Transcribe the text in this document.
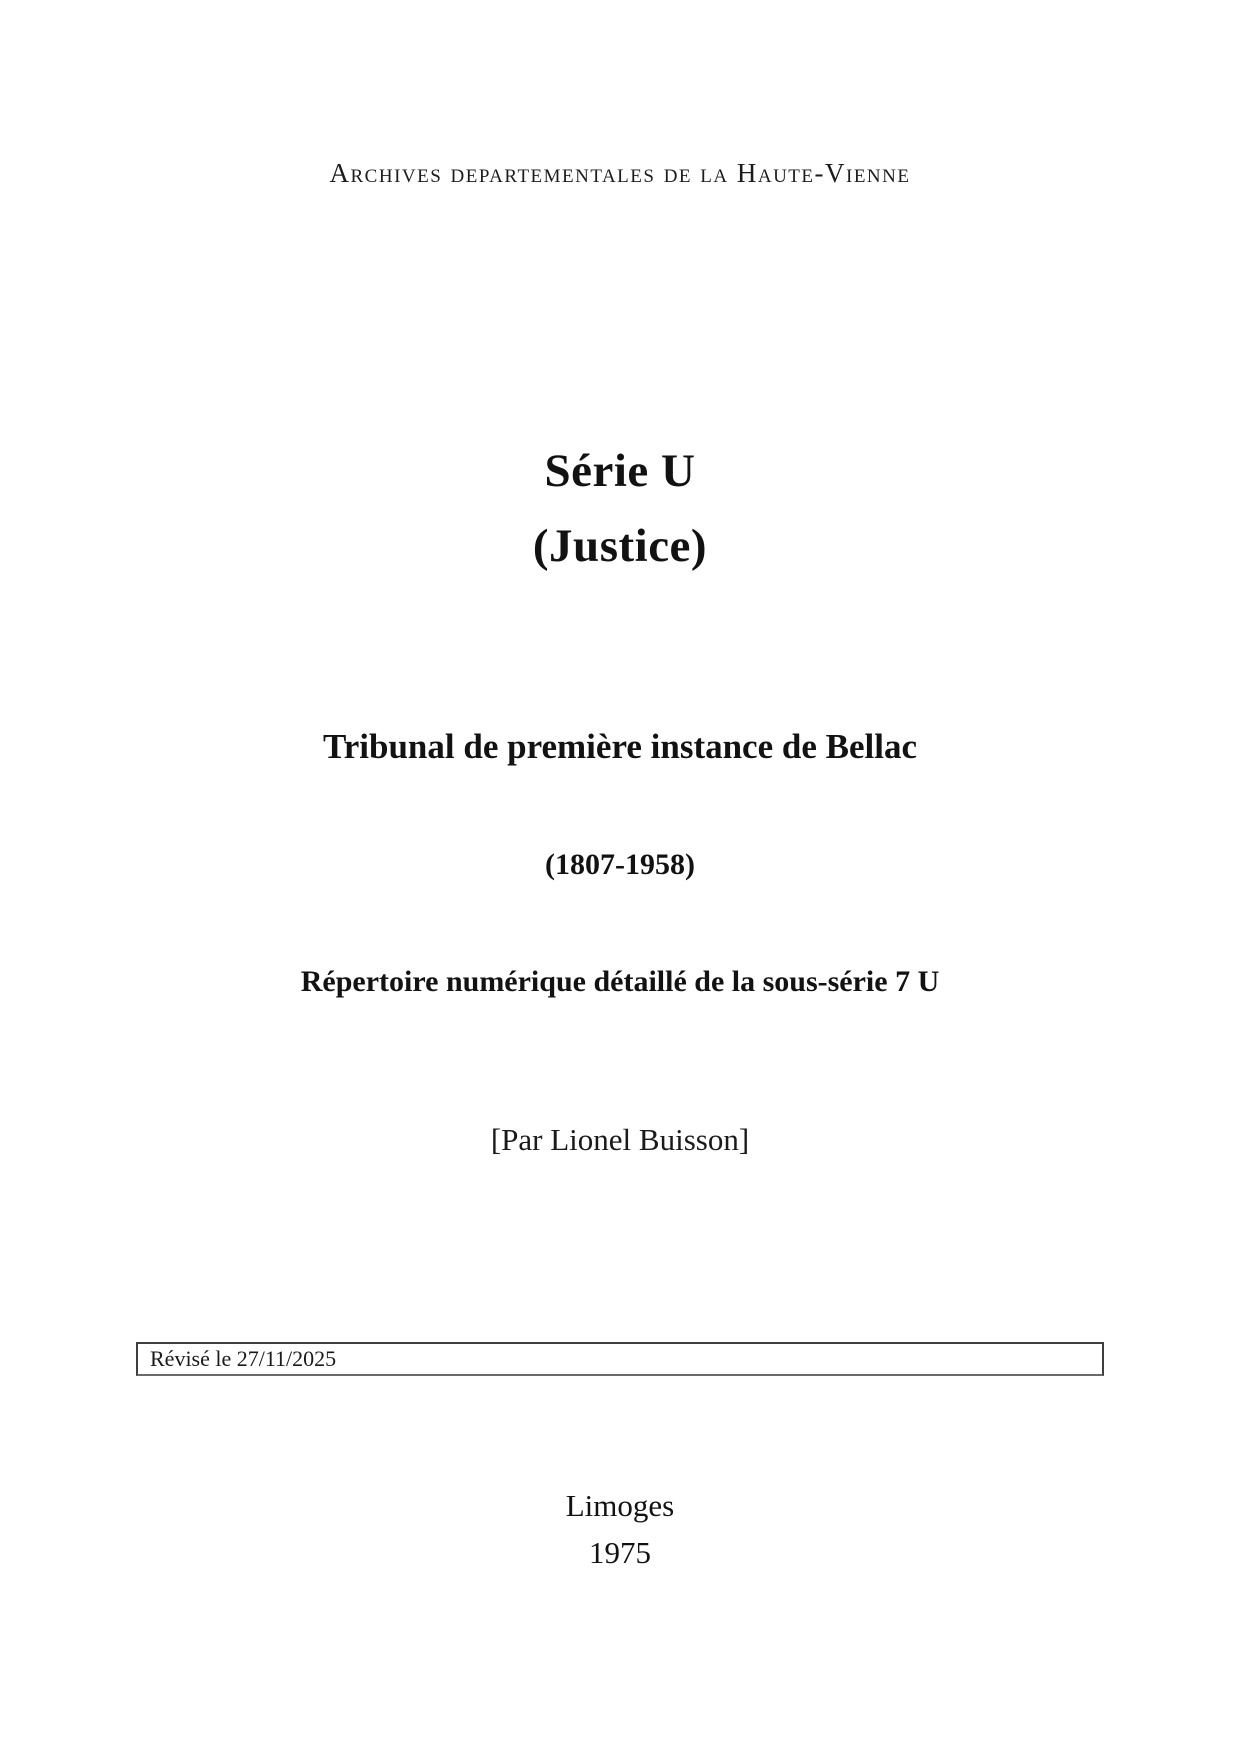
Archives departementales de la Haute-Vienne
Série U
(Justice)
Tribunal de première instance de Bellac
(1807-1958)
Répertoire numérique détaillé de la sous-série 7 U
[Par Lionel Buisson]
Révisé le 27/11/2025
Limoges
1975
